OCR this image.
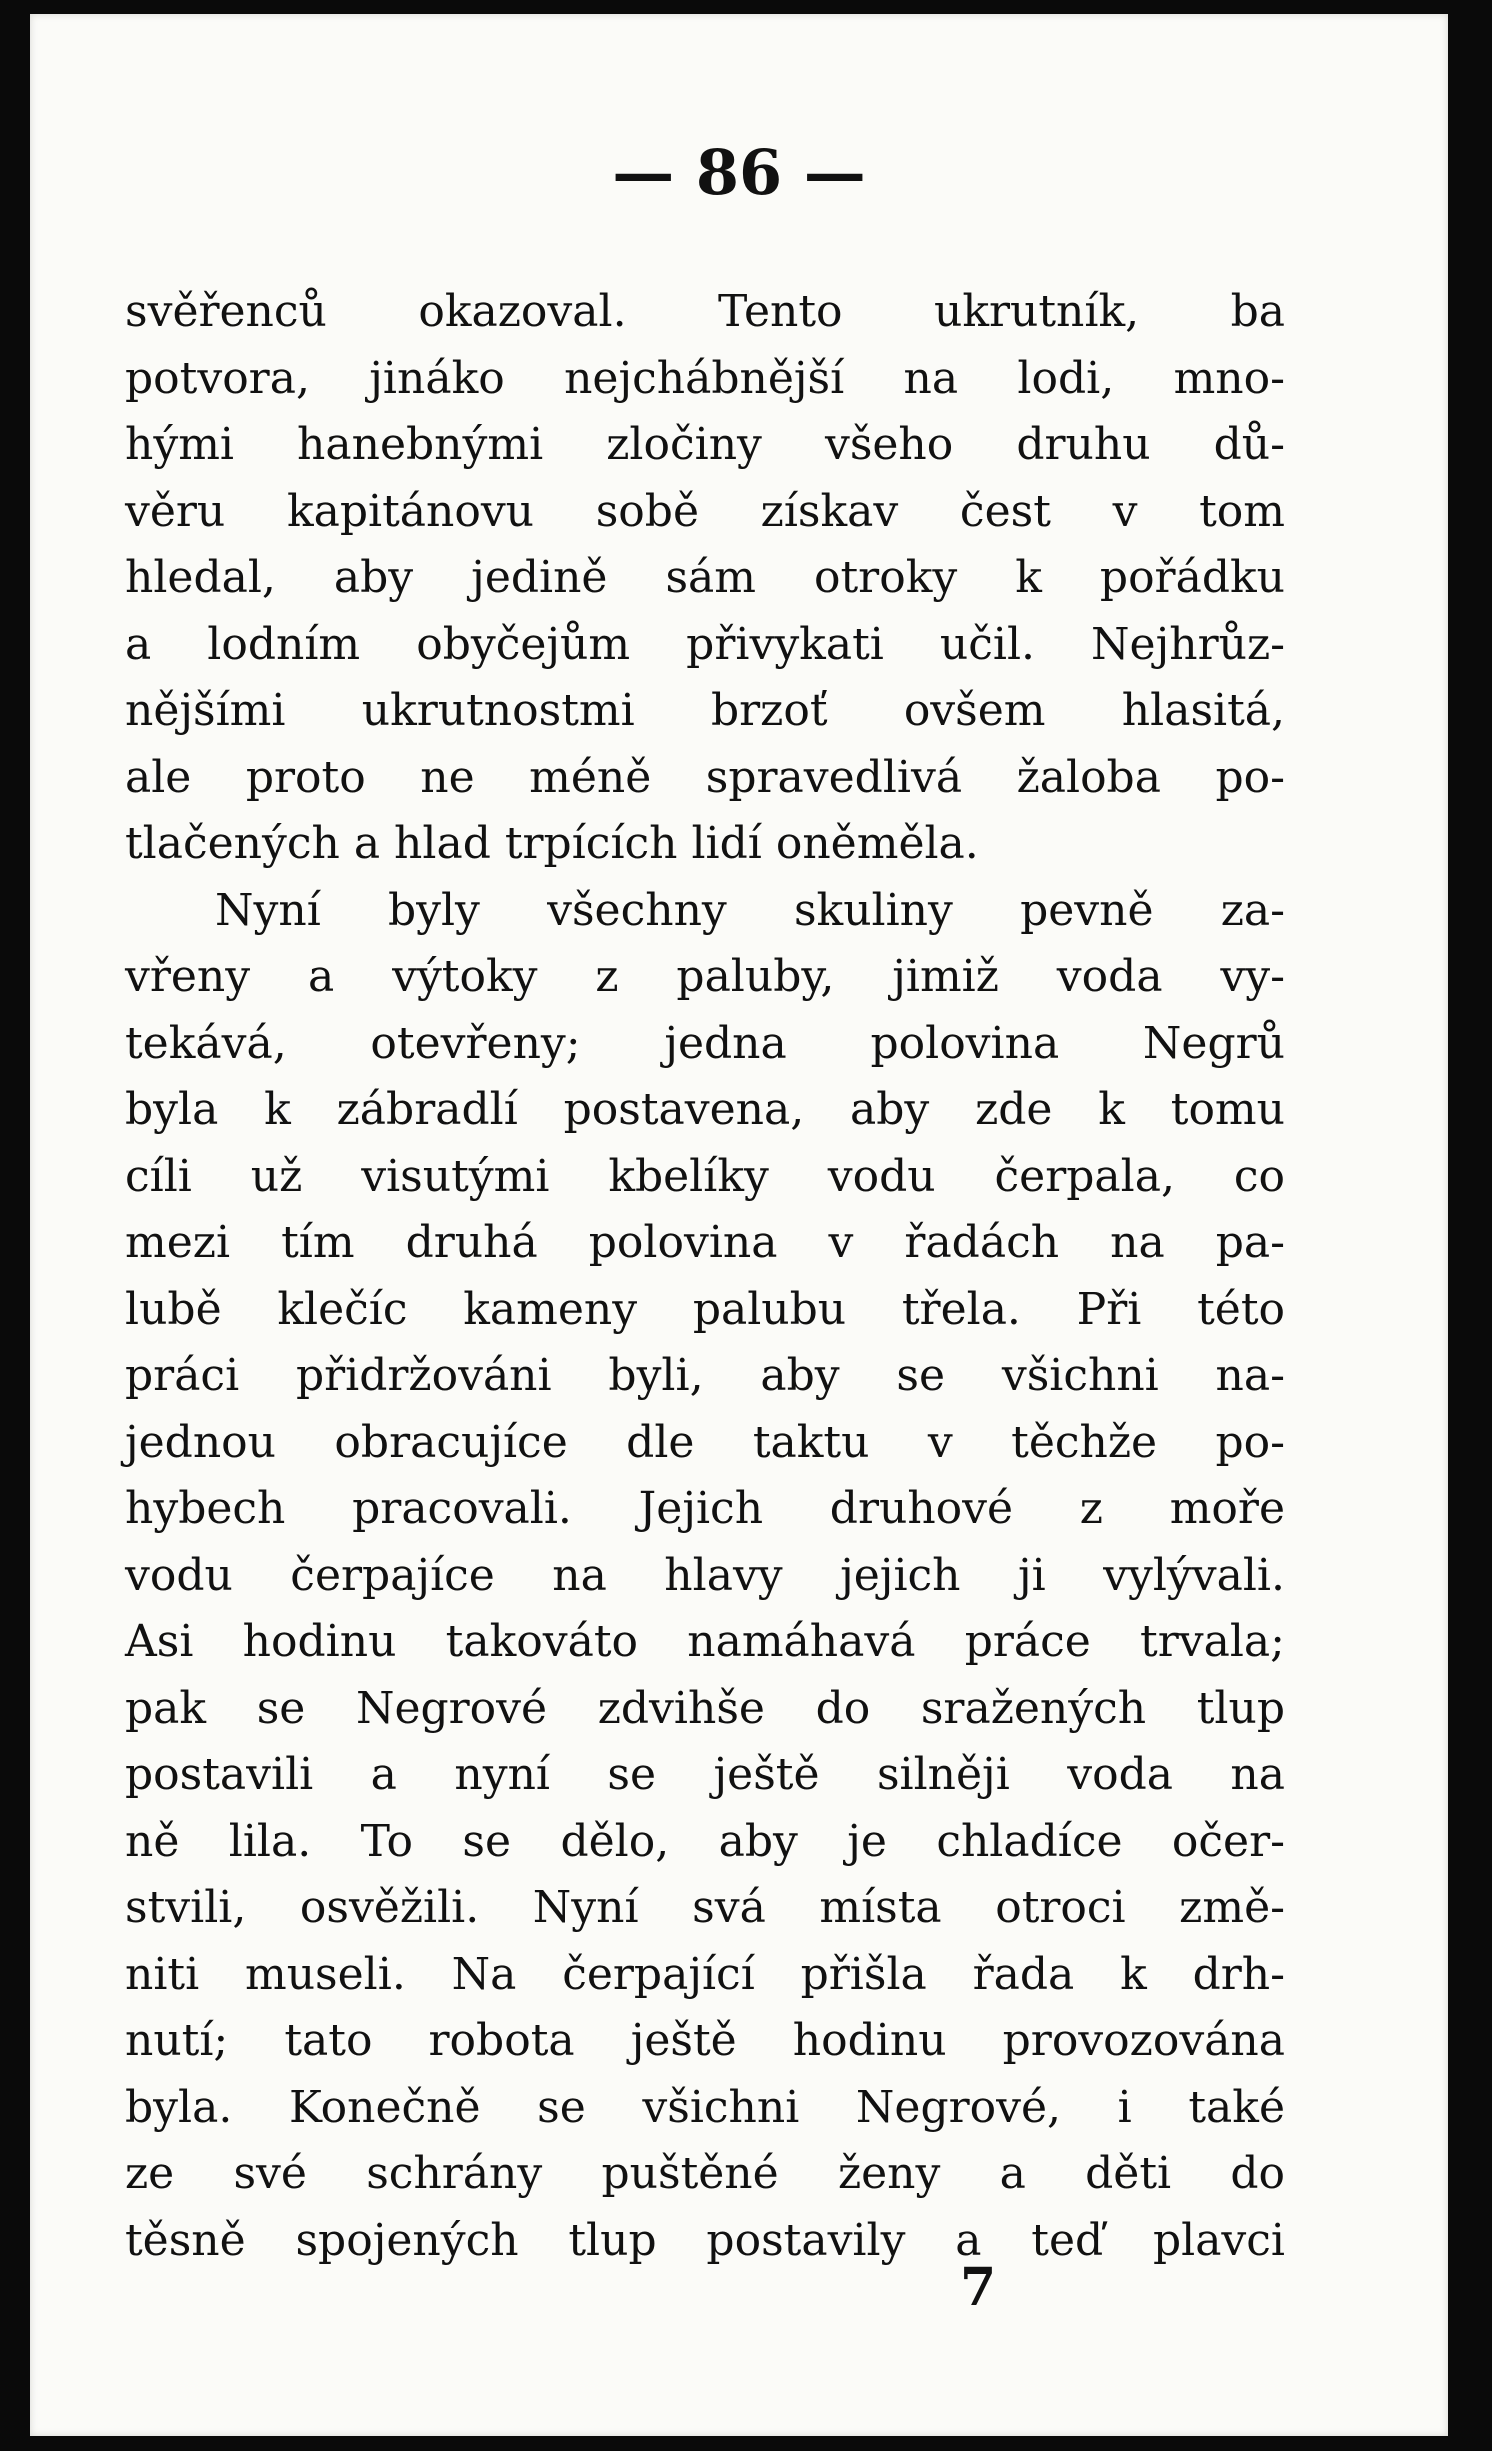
— 86 —
svěřenců okazoval. Tento ukrutník, ba
potvora, jináko nejchábnější na lodi, mno-
hými hanebnými zločiny všeho druhu dů-
věru kapitánovu sobě získav čest v tom
hledal, aby jedině sám otroky k pořádku
a lodním obyčejům přivykati učil. Nejhrůz-
nějšími ukrutnostmi brzoť ovšem hlasitá,
ale proto ne méně spravedlivá žaloba po-
tlačených a hlad trpících lidí oněměla.
Nyní byly všechny skuliny pevně za-
vřeny a výtoky z paluby, jimiž voda vy-
tekává, otevřeny; jedna polovina Negrů
byla k zábradlí postavena, aby zde k tomu
cíli už visutými kbelíky vodu čerpala, co
mezi tím druhá polovina v řadách na pa-
lubě klečíc kameny palubu třela. Při této
práci přidržováni byli, aby se všichni na-
jednou obracujíce dle taktu v těchže po-
hybech pracovali. Jejich druhové z moře
vodu čerpajíce na hlavy jejich ji vylývali.
Asi hodinu takováto namáhavá práce trvala;
pak se Negrové zdvihše do sražených tlup
postavili a nyní se ještě silněji voda na
ně lila. To se dělo, aby je chladíce očer-
stvili, osvěžili. Nyní svá místa otroci změ-
niti museli. Na čerpající přišla řada k drh-
nutí; tato robota ještě hodinu provozována
byla. Konečně se všichni Negrové, i také
ze své schrány puštěné ženy a děti do
těsně spojených tlup postavily a teď plavci
7
